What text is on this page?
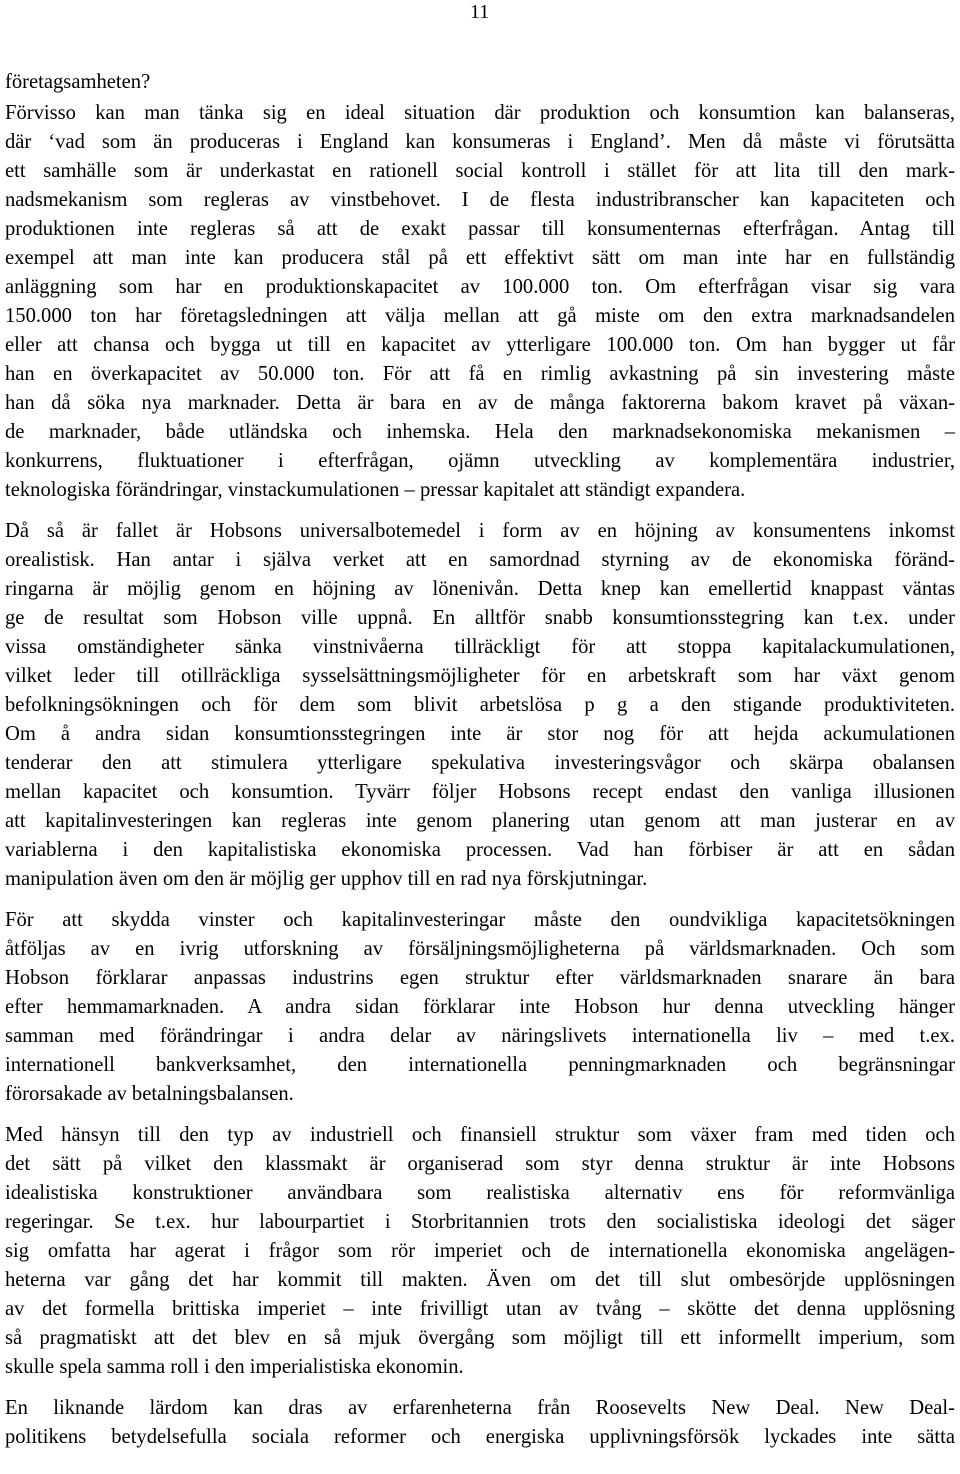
11
företagsamheten?
Förvisso kan man tänka sig en ideal situation där produktion och konsumtion kan balanseras,
där ‘vad som än produceras i England kan konsumeras i England’. Men då måste vi förutsätta
ett samhälle som är underkastat en rationell social kontroll i stället för att lita till den mark-
nadsmekanism som regleras av vinstbehovet. I de flesta industribranscher kan kapaciteten och
produktionen inte regleras så att de exakt passar till konsumenternas efterfrågan. Antag till
exempel att man inte kan producera stål på ett effektivt sätt om man inte har en fullständig
anläggning som har en produktionskapacitet av 100.000 ton. Om efterfrågan visar sig vara
150.000 ton har företagsledningen att välja mellan att gå miste om den extra marknadsandelen
eller att chansa och bygga ut till en kapacitet av ytterligare 100.000 ton. Om han bygger ut får
han en överkapacitet av 50.000 ton. För att få en rimlig avkastning på sin investering måste
han då söka nya marknader. Detta är bara en av de många faktorerna bakom kravet på växan-
de marknader, både utländska och inhemska. Hela den marknadsekonomiska mekanismen –
konkurrens, fluktuationer i efterfrågan, ojämn utveckling av komplementära industrier,
teknologiska förändringar, vinstackumulationen – pressar kapitalet att ständigt expandera.
Då så är fallet är Hobsons universalbotemedel i form av en höjning av konsumentens inkomst
orealistisk. Han antar i själva verket att en samordnad styrning av de ekonomiska föränd-
ringarna är möjlig genom en höjning av lönenivån. Detta knep kan emellertid knappast väntas
ge de resultat som Hobson ville uppnå. En alltför snabb konsumtionsstegring kan t.ex. under
vissa omständigheter sänka vinstnivåerna tillräckligt för att stoppa kapitalackumulationen,
vilket leder till otillräckliga sysselsättningsmöjligheter för en arbetskraft som har växt genom
befolkningsökningen och för dem som blivit arbetslösa p g a den stigande produktiviteten.
Om å andra sidan konsumtionsstegringen inte är stor nog för att hejda ackumulationen
tenderar den att stimulera ytterligare spekulativa investeringsvågor och skärpa obalansen
mellan kapacitet och konsumtion. Tyvärr följer Hobsons recept endast den vanliga illusionen
att kapitalinvesteringen kan regleras inte genom planering utan genom att man justerar en av
variablerna i den kapitalistiska ekonomiska processen. Vad han förbiser är att en sådan
manipulation även om den är möjlig ger upphov till en rad nya förskjutningar.
För att skydda vinster och kapitalinvesteringar måste den oundvikliga kapacitetsökningen
åtföljas av en ivrig utforskning av försäljningsmöjligheterna på världsmarknaden. Och som
Hobson förklarar anpassas industrins egen struktur efter världsmarknaden snarare än bara
efter hemmamarknaden. A andra sidan förklarar inte Hobson hur denna utveckling hänger
samman med förändringar i andra delar av näringslivets internationella liv – med t.ex.
internationell bankverksamhet, den internationella penningmarknaden och begränsningar
förorsakade av betalningsbalansen.
Med hänsyn till den typ av industriell och finansiell struktur som växer fram med tiden och
det sätt på vilket den klassmakt är organiserad som styr denna struktur är inte Hobsons
idealistiska konstruktioner användbara som realistiska alternativ ens för reformvänliga
regeringar. Se t.ex. hur labourpartiet i Storbritannien trots den socialistiska ideologi det säger
sig omfatta har agerat i frågor som rör imperiet och de internationella ekonomiska angelägen-
heterna var gång det har kommit till makten. Även om det till slut ombesörjde upplösningen
av det formella brittiska imperiet – inte frivilligt utan av tvång – skötte det denna upplösning
så pragmatiskt att det blev en så mjuk övergång som möjligt till ett informellt imperium, som
skulle spela samma roll i den imperialistiska ekonomin.
En liknande lärdom kan dras av erfarenheterna från Roosevelts New Deal. New Deal-
politikens betydelsefulla sociala reformer och energiska upplivningsförsök lyckades inte sätta
